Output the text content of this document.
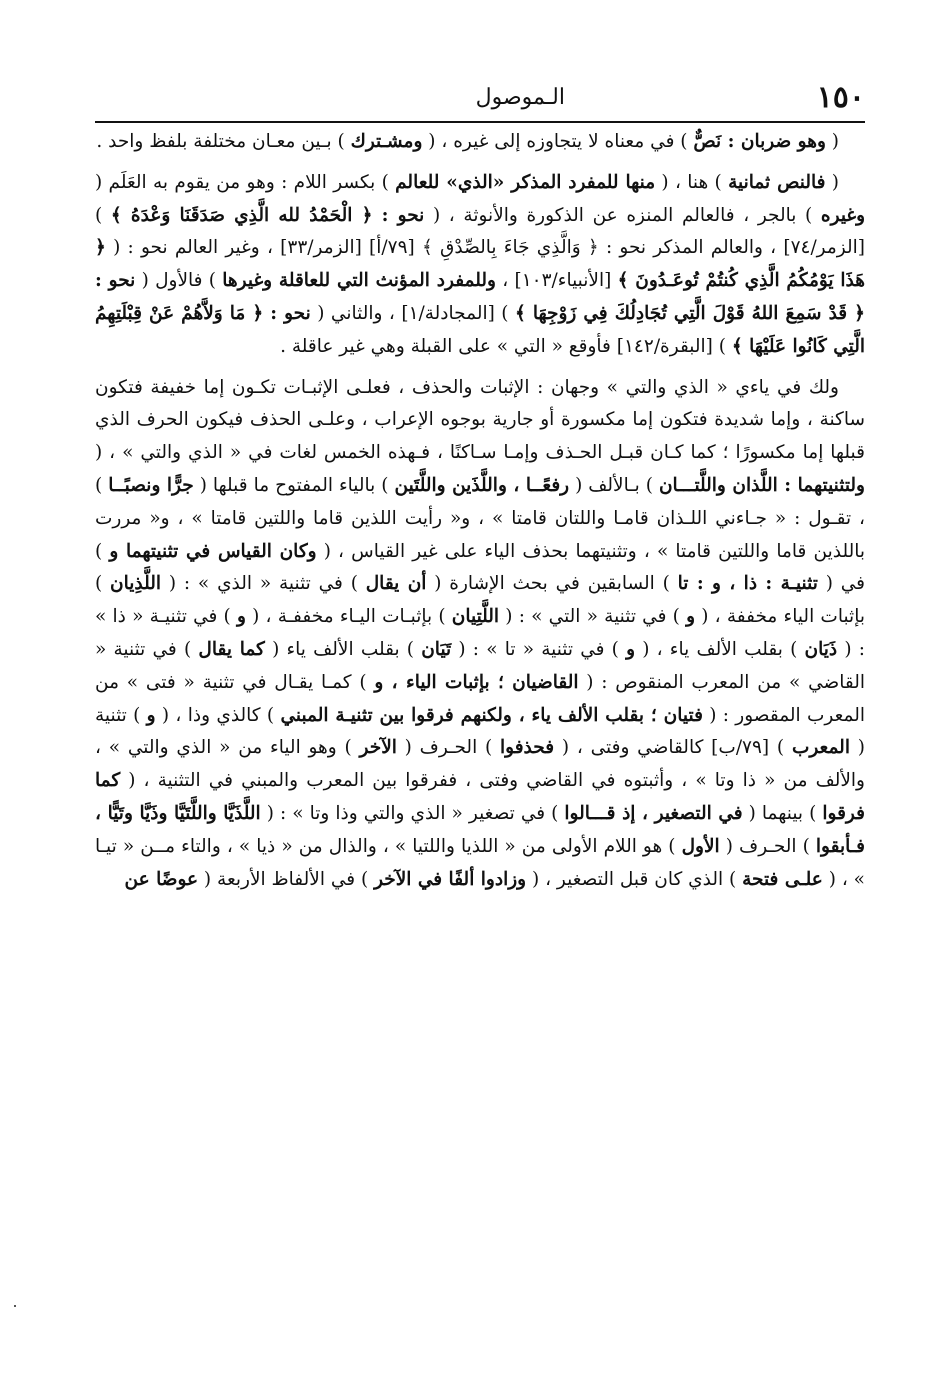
١٥٠
الـموصول

( وهو ضربان : نَصٌّ ) في معناه لا يتجاوزه إلى غيره ، ( ومشـترك ) بـين معـان مختلفة بلفظ واحد .

( فالنص ثمانية ) هنا ، ( منها للمفرد المذكر «الذي» للعالم ) بكسر اللام : وهو من يقوم به العَلَم ( وغيره ) بالجر ، فالعالم المنزه عن الذكورة والأنوثة ، ( نحو : ﴿ الْحَمْدُ لله الَّذِي صَدَقَنَا وَعْدَهُ ﴾ ) [الزمر/٧٤] ، والعالم المذكر نحو : ﴿ وَالَّذِي جَاءَ بِالصِّدْقِ ﴾ [٧٩/أ] [الزمر/٣٣] ، وغير العالم نحو : ( ﴿ هَذَا يَوْمُكُمُ الَّذِي كُنتُمْ تُوعَـدُونَ ﴾ [الأنبياء/١٠٣] ، وللمفرد المؤنث التي للعاقلة وغيرها ) فالأول ( نحو : ﴿ قَدْ سَمِعَ اللهُ قَوْلَ الَّتِي تُجَادِلُكَ فِي زَوْجِهَا ﴾ ) [المجادلة/١] ، والثاني ( نحو : ﴿ مَا وَلاَّهُمْ عَنْ قِبْلَتِهِمُ الَّتِي كَانُوا عَلَيْهَا ﴾ ) [البقرة/١٤٢] فأوقع « التي » على القبلة وهي غير عاقلة .

ولك في ياءي « الذي والتي » وجهان : الإثبات والحذف ، فعلـى الإثبـات تكـون إما خفيفة فتكون ساكنة ، وإما شديدة فتكون إما مكسورة أو جارية بوجوه الإعراب ، وعلـى الحذف فيكون الحرف الذي قبلها إما مكسورًا ؛ كما كـان قبـل الحـذف وإمـا سـاكنًا ، فـهذه الخمس لغات في « الذي والتي » ، ( ولتثنيتهما : اللَّذان واللَّتـــان ) بـالألف ( رفعًــا ، واللَّذَين واللَّتَين ) بالياء المفتوح ما قبلها ( جرًّا ونصبًــا ) ، تقـول : « جـاءني اللـذان قامـا واللتان قامتا » ، و« رأيت اللذين قاما واللتين قامتا » ، و« مررت باللذين قاما واللتين قامتا » ، وتثنيتهما بحذف الياء على غير القياس ، ( وكان القياس في تثنيتهما و ) في ( تثنيـة : ذا ، و : تا ) السابقين في بحث الإشارة ( أن يقال ) في تثنية « الذي » : ( اللَّذِيان ) بإثبات الياء مخففة ، ( و ) في تثنية « التي » : ( اللَّتِيان ) بإثبـات اليـاء مخففـة ، ( و ) في تثنيـة « ذا » : ( ذَيَان ) بقلب الألف ياء ، ( و ) في تثنية « تا » : ( تَيَان ) بقلب الألف ياء ( كما يقال ) في تثنية « القاضي » من المعرب المنقوص : ( القاضيان ؛ بإثبات الياء ، و ) كمـا يقـال في تثنية « فتى » من المعرب المقصور : ( فتيان ؛ بقلب الألف ياء ، ولكنهم فرقوا بين تثنيـة المبني ) كالذي وذا ، ( و ) تثنية ( المعرب ) [٧٩/ب] كالقاضي وفتى ، ( فحذفوا ) الحـرف ( الآخر ) وهو الياء من « الذي والتي » ، والألف من « ذا وتا » ، وأثبتوه في القاضي وفتى ، ففرقوا بين المعرب والمبني في التثنية ، ( كما فرقوا ) بينهما ( في التصغير ، إذ قـــالوا ) في تصغير « الذي والتي وذا وتا » : ( اللَّذَيَّا واللَّتَيَّا وذَيَّا وتَيًّا ، فـأبقوا ) الحـرف ( الأول ) هو اللام الأولى من « اللذيا واللتيا » ، والذال من « ذيا » ، والتاء مــن « تيـا » ، ( علـى فتحة ) الذي كان قبل التصغير ، ( وزادوا ألفًا في الآخر ) في الألفاظ الأربعة ( عوضًا عن
